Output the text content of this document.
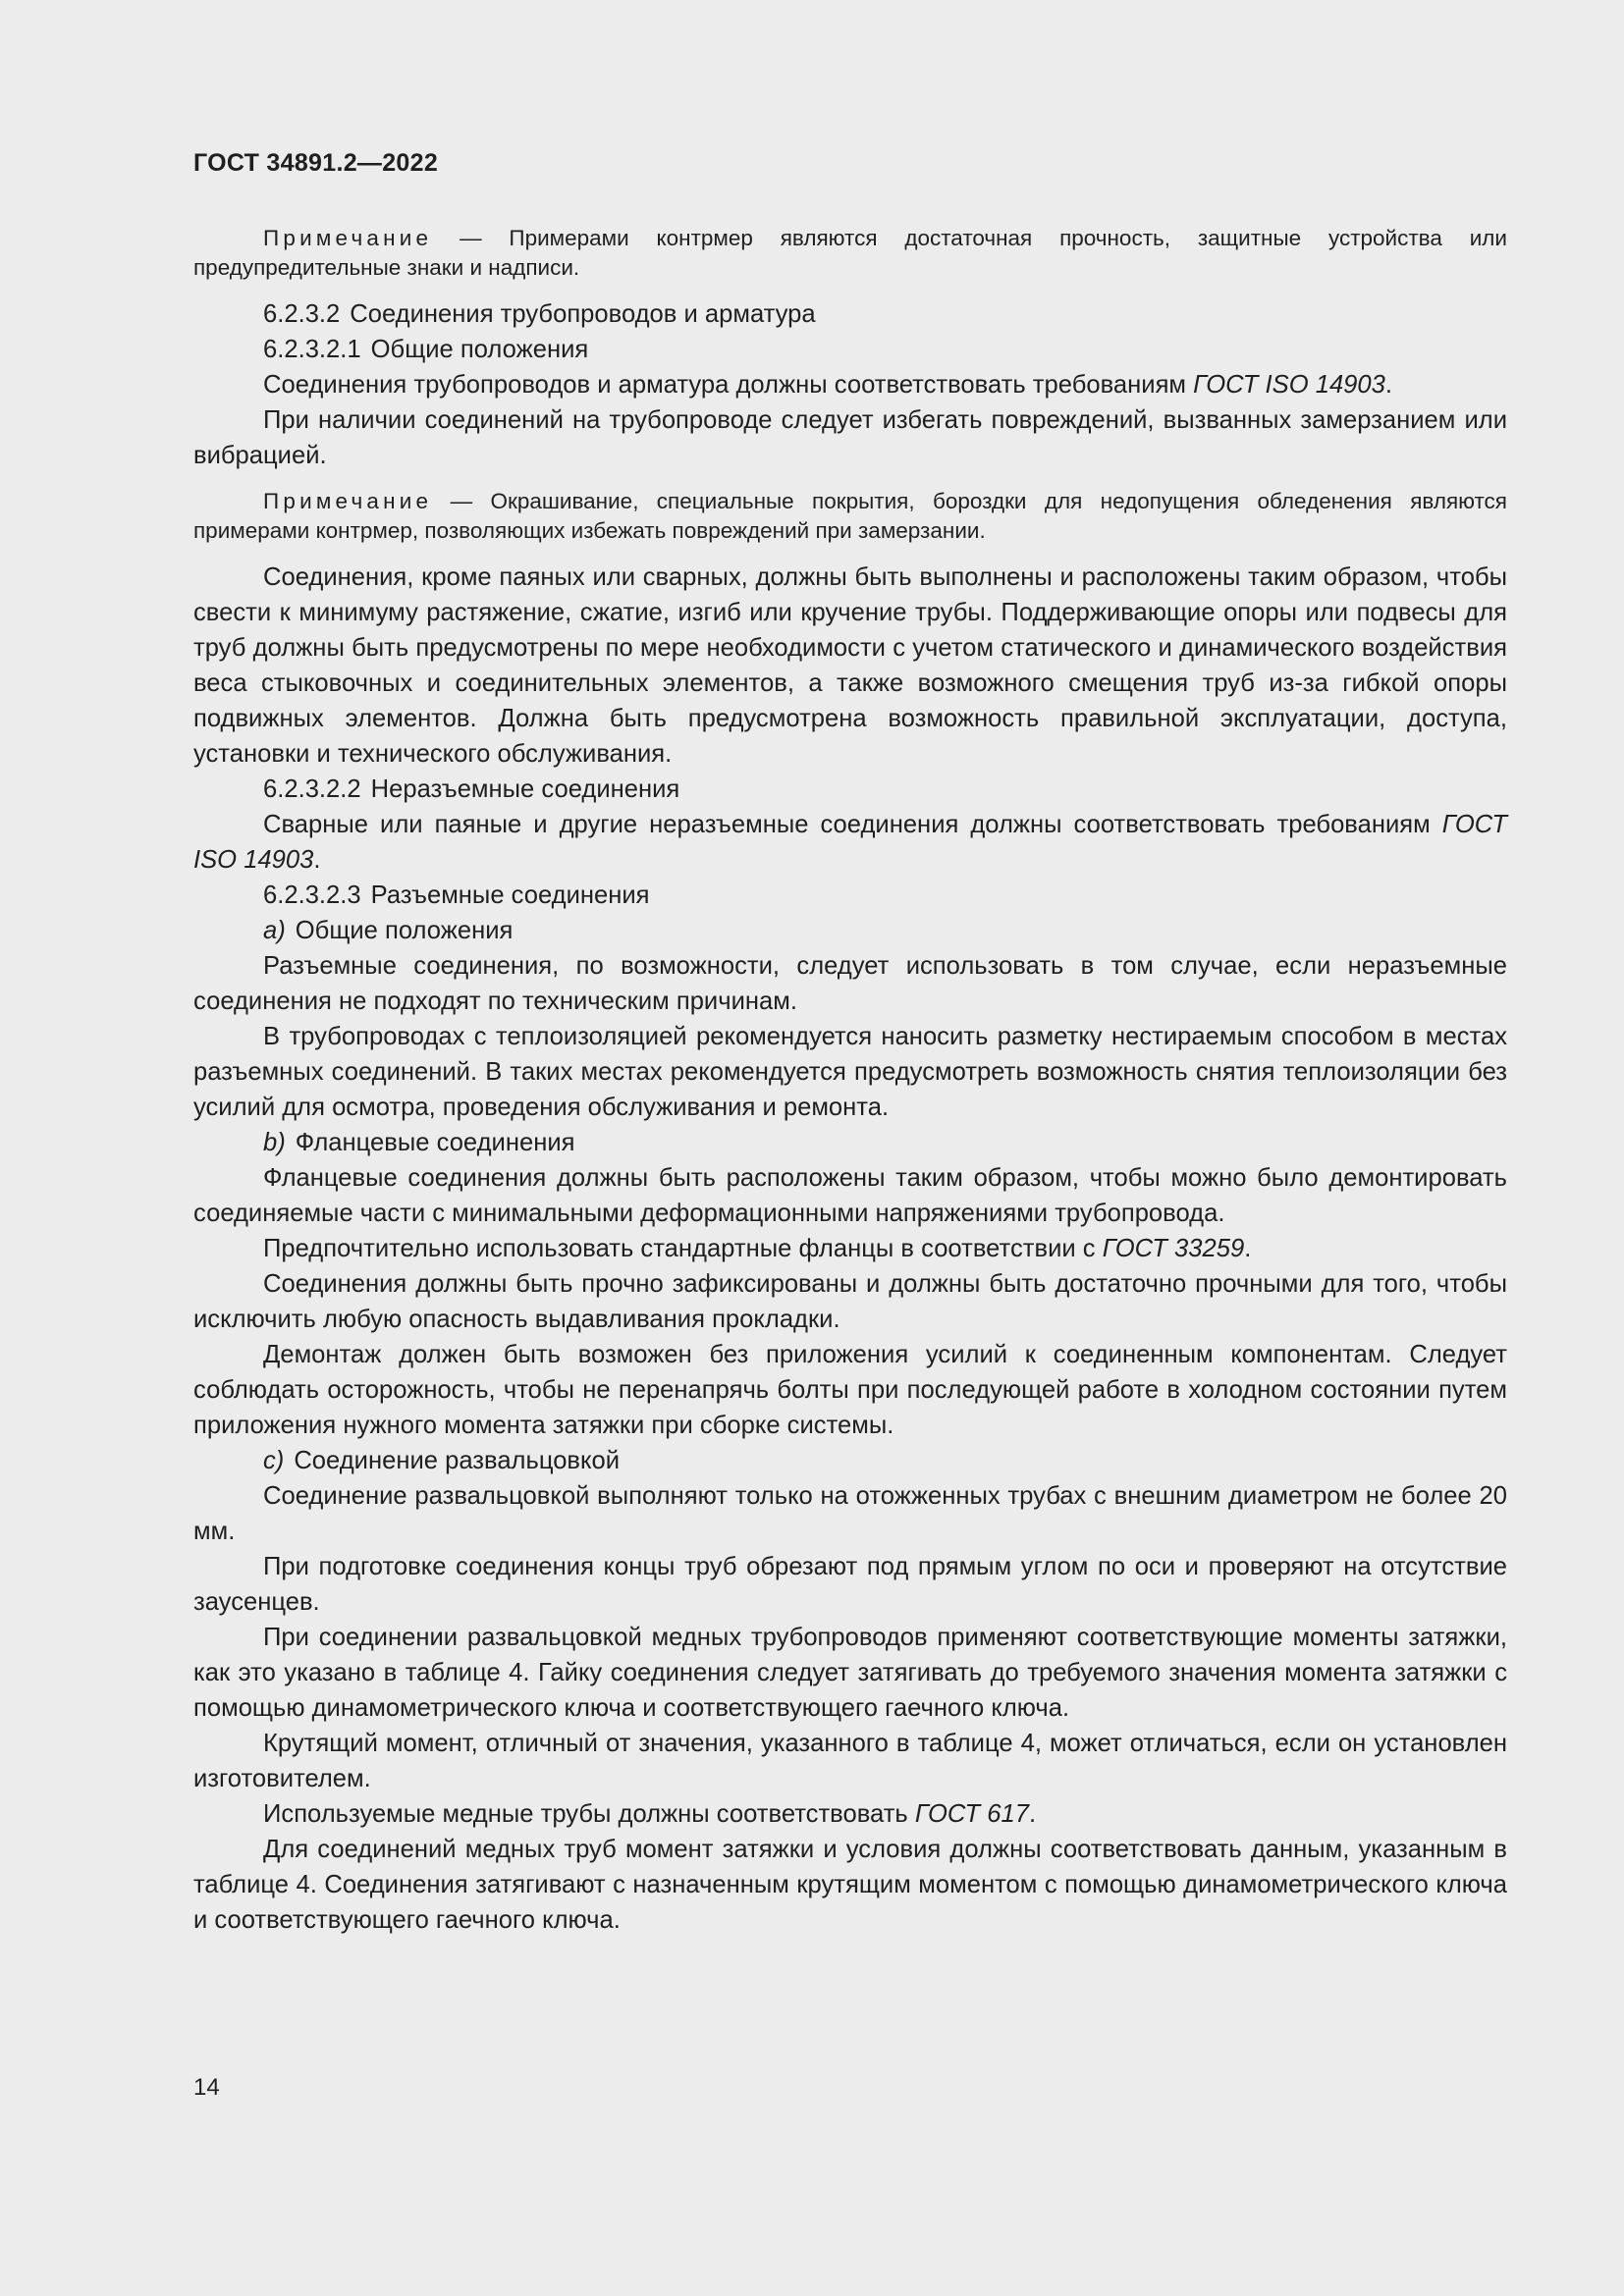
ГОСТ 34891.2—2022

Примечание — Примерами контрмер являются достаточная прочность, защитные устройства или предупредительные знаки и надписи.

6.2.3.2 Соединения трубопроводов и арматура

6.2.3.2.1 Общие положения

Соединения трубопроводов и арматура должны соответствовать требованиям ГОСТ ISO 14903.

При наличии соединений на трубопроводе следует избегать повреждений, вызванных замерзанием или вибрацией.

Примечание — Окрашивание, специальные покрытия, бороздки для недопущения обледенения являются примерами контрмер, позволяющих избежать повреждений при замерзании.

Соединения, кроме паяных или сварных, должны быть выполнены и расположены таким образом, чтобы свести к минимуму растяжение, сжатие, изгиб или кручение трубы. Поддерживающие опоры или подвесы для труб должны быть предусмотрены по мере необходимости с учетом статического и динамического воздействия веса стыковочных и соединительных элементов, а также возможного смещения труб из-за гибкой опоры подвижных элементов. Должна быть предусмотрена возможность правильной эксплуатации, доступа, установки и технического обслуживания.

6.2.3.2.2 Неразъемные соединения

Сварные или паяные и другие неразъемные соединения должны соответствовать требованиям ГОСТ ISO 14903.

6.2.3.2.3 Разъемные соединения

a) Общие положения

Разъемные соединения, по возможности, следует использовать в том случае, если неразъемные соединения не подходят по техническим причинам.

В трубопроводах с теплоизоляцией рекомендуется наносить разметку нестираемым способом в местах разъемных соединений. В таких местах рекомендуется предусмотреть возможность снятия теплоизоляции без усилий для осмотра, проведения обслуживания и ремонта.

b) Фланцевые соединения

Фланцевые соединения должны быть расположены таким образом, чтобы можно было демонтировать соединяемые части с минимальными деформационными напряжениями трубопровода.

Предпочтительно использовать стандартные фланцы в соответствии с ГОСТ 33259.

Соединения должны быть прочно зафиксированы и должны быть достаточно прочными для того, чтобы исключить любую опасность выдавливания прокладки.

Демонтаж должен быть возможен без приложения усилий к соединенным компонентам. Следует соблюдать осторожность, чтобы не перенапрячь болты при последующей работе в холодном состоянии путем приложения нужного момента затяжки при сборке системы.

c) Соединение развальцовкой

Соединение развальцовкой выполняют только на отожженных трубах с внешним диаметром не более 20 мм.

При подготовке соединения концы труб обрезают под прямым углом по оси и проверяют на отсутствие заусенцев.

При соединении развальцовкой медных трубопроводов применяют соответствующие моменты затяжки, как это указано в таблице 4. Гайку соединения следует затягивать до требуемого значения момента затяжки с помощью динамометрического ключа и соответствующего гаечного ключа.

Крутящий момент, отличный от значения, указанного в таблице 4, может отличаться, если он установлен изготовителем.

Используемые медные трубы должны соответствовать ГОСТ 617.

Для соединений медных труб момент затяжки и условия должны соответствовать данным, указанным в таблице 4. Соединения затягивают с назначенным крутящим моментом с помощью динамометрического ключа и соответствующего гаечного ключа.

14
